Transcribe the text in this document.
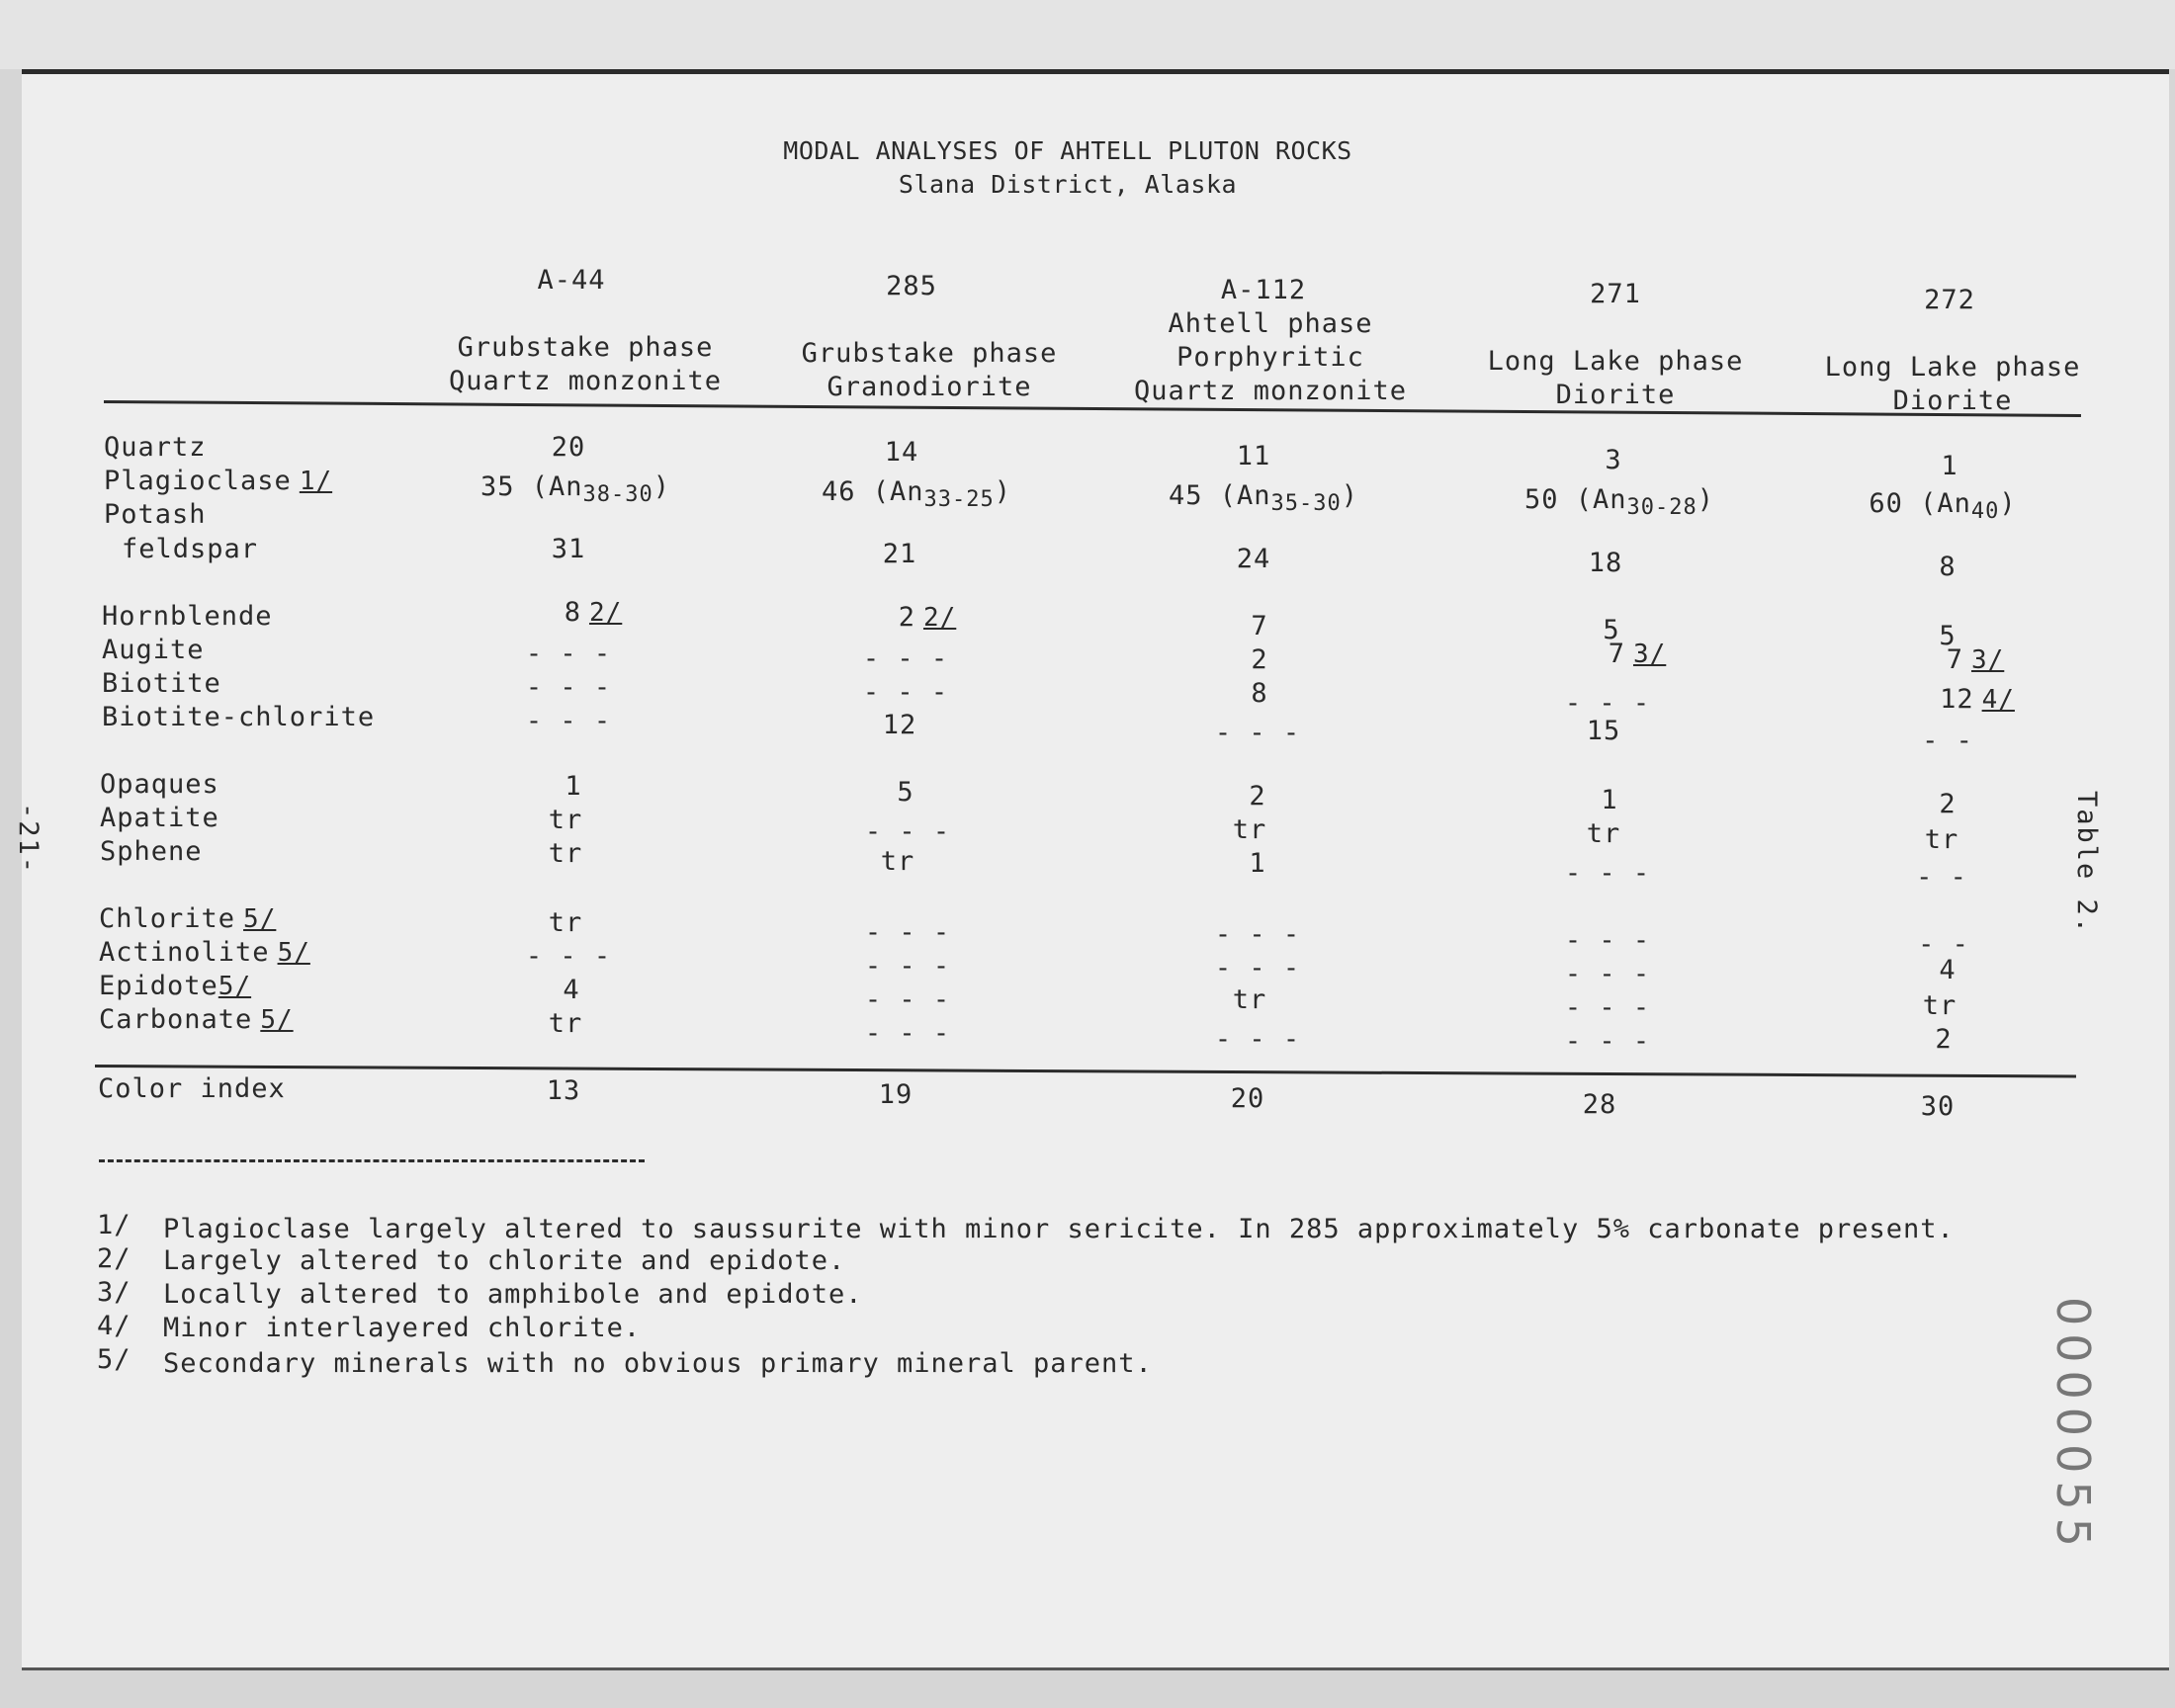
MODAL ANALYSES OF AHTELL PLUTON ROCKS
Slana District, Alaska
A-44
Grubstake phase
Quartz monzonite
285
Grubstake phase
Granodiorite
A-112
Ahtell phase
Porphyritic
Quartz monzonite
271
Long Lake phase
Diorite
272
Long Lake phase
Diorite
Quartz
Plagioclase 1/
Potash
feldspar
Hornblende
Augite
Biotite
Biotite-chlorite
Opaques
Apatite
Sphene
Chlorite 5/
Actinolite 5/
Epidote5/
Carbonate 5/
Color index
20
35 $(An_{38-30})$
31
8 2/
- - -
- - -
- - -
1
tr
tr
tr
- - -
4
tr
13
14
46 $(An_{33-25})$
21
2 2/
- - -
- - -
12
5
- - -
tr
- - -
- - -
- - -
- - -
19
11
45 $(An_{35-30})$
24
7
2
8
- - -
2
tr
1
- - -
- - -
tr
- - -
20
3
50 $(An_{30-28})$
18
5
7 3/
- - -
15
1
tr
- - -
- - -
- - -
- - -
- - -
28
1
60 $(An_{40})$
8
5
7 3/
12 4/
- -
2
tr
- -
- -
4
tr
2
30
1/ Plagioclase largely altered to saussurite with minor sericite. In 285 approximately 5% carbonate present.
2/ Largely altered to chlorite and epidote.
3/ Locally altered to amphibole and epidote.
4/ Minor interlayered chlorite.
5/ Secondary minerals with no obvious primary mineral parent.
-21-	Table 2.
0000055
